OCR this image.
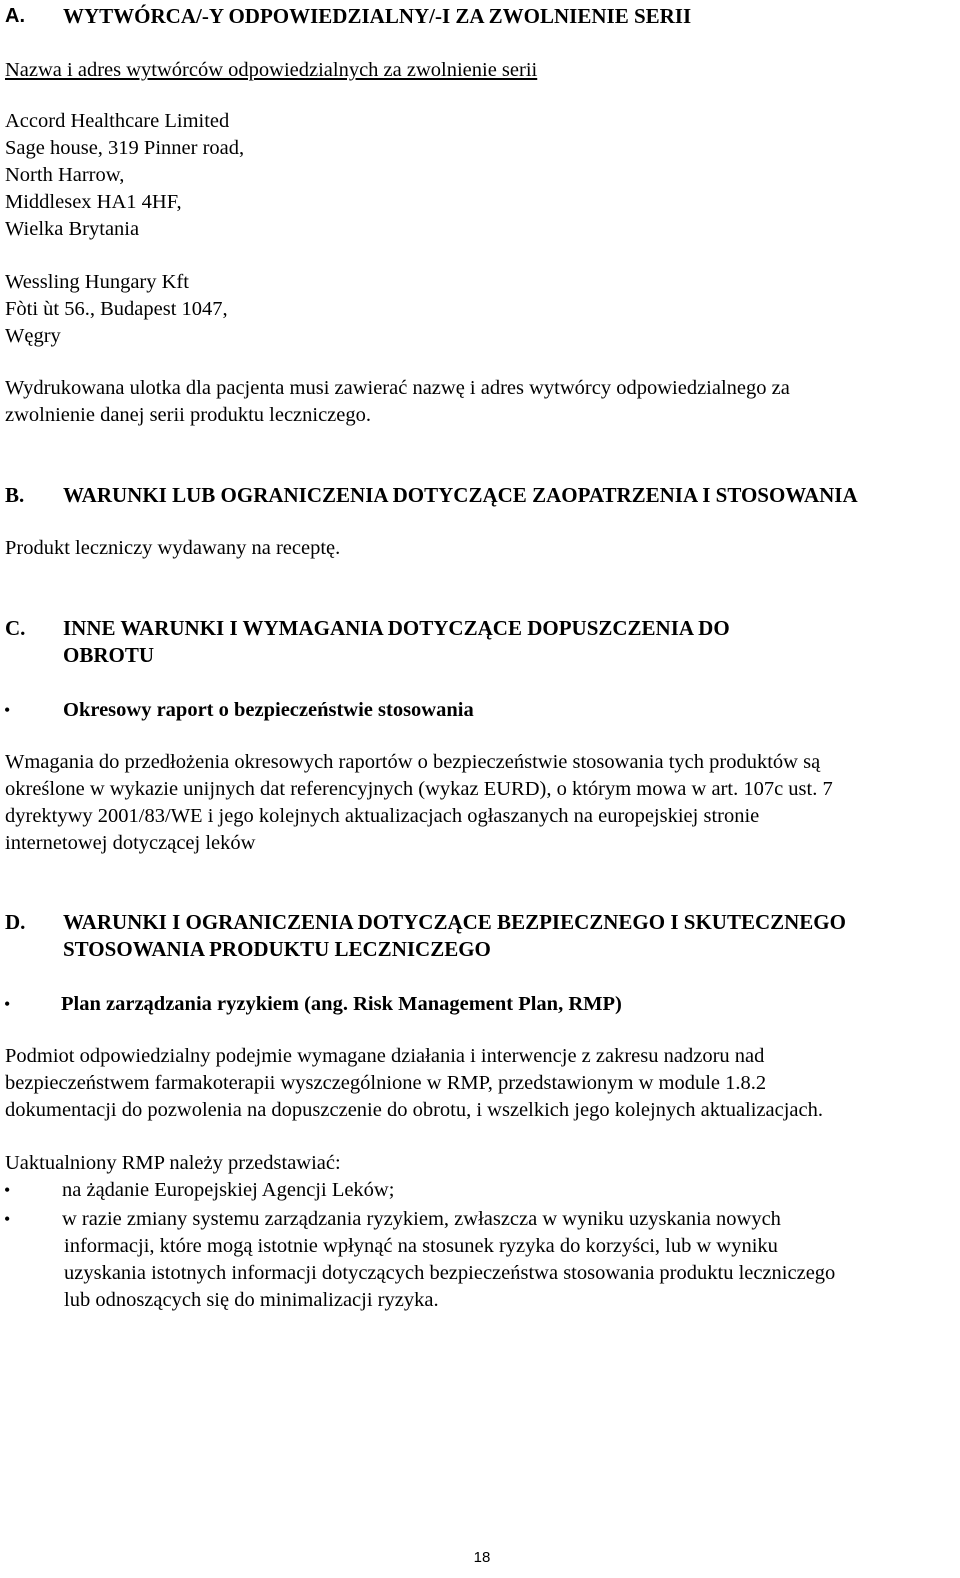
A. WYTWÓRCA/-Y ODPOWIEDZIALNY/-I ZA ZWOLNIENIE SERII
Nazwa i adres wytwórców odpowiedzialnych za zwolnienie serii
Accord Healthcare Limited
Sage house, 319 Pinner road,
North Harrow,
Middlesex HA1 4HF,
Wielka Brytania
Wessling Hungary Kft
Fòti ùt 56., Budapest 1047,
Węgry
Wydrukowana ulotka dla pacjenta musi zawierać nazwę i adres wytwórcy odpowiedzialnego za
zwolnienie danej serii produktu leczniczego.
B. WARUNKI LUB OGRANICZENIA DOTYCZĄCE ZAOPATRZENIA I STOSOWANIA
Produkt leczniczy wydawany na receptę.
C. INNE WARUNKI I WYMAGANIA DOTYCZĄCE DOPUSZCZENIA DO
OBROTU
•	Okresowy raport o bezpieczeństwie stosowania
Wmagania do przedłożenia okresowych raportów o bezpieczeństwie stosowania tych produktów są
określone w wykazie unijnych dat referencyjnych (wykaz EURD), o którym mowa w art. 107c ust. 7
dyrektywy 2001/83/WE i jego kolejnych aktualizacjach ogłaszanych na europejskiej stronie
internetowej dotyczącej leków
D. WARUNKI I OGRANICZENIA DOTYCZĄCE BEZPIECZNEGO I SKUTECZNEGO
STOSOWANIA PRODUKTU LECZNICZEGO
• Plan zarządzania ryzykiem (ang. Risk Management Plan, RMP)
Podmiot odpowiedzialny podejmie wymagane działania i interwencje z zakresu nadzoru nad
bezpieczeństwem farmakoterapii wyszczególnione w RMP, przedstawionym w module 1.8.2
dokumentacji do pozwolenia na dopuszczenie do obrotu, i wszelkich jego kolejnych aktualizacjach.
Uaktualniony RMP należy przedstawiać:
•	na żądanie Europejskiej Agencji Leków;
•	w razie zmiany systemu zarządzania ryzykiem, zwłaszcza w wyniku uzyskania nowych
informacji, które mogą istotnie wpłynąć na stosunek ryzyka do korzyści, lub w wyniku
uzyskania istotnych informacji dotyczących bezpieczeństwa stosowania produktu leczniczego
lub odnoszących się do minimalizacji ryzyka.
18
